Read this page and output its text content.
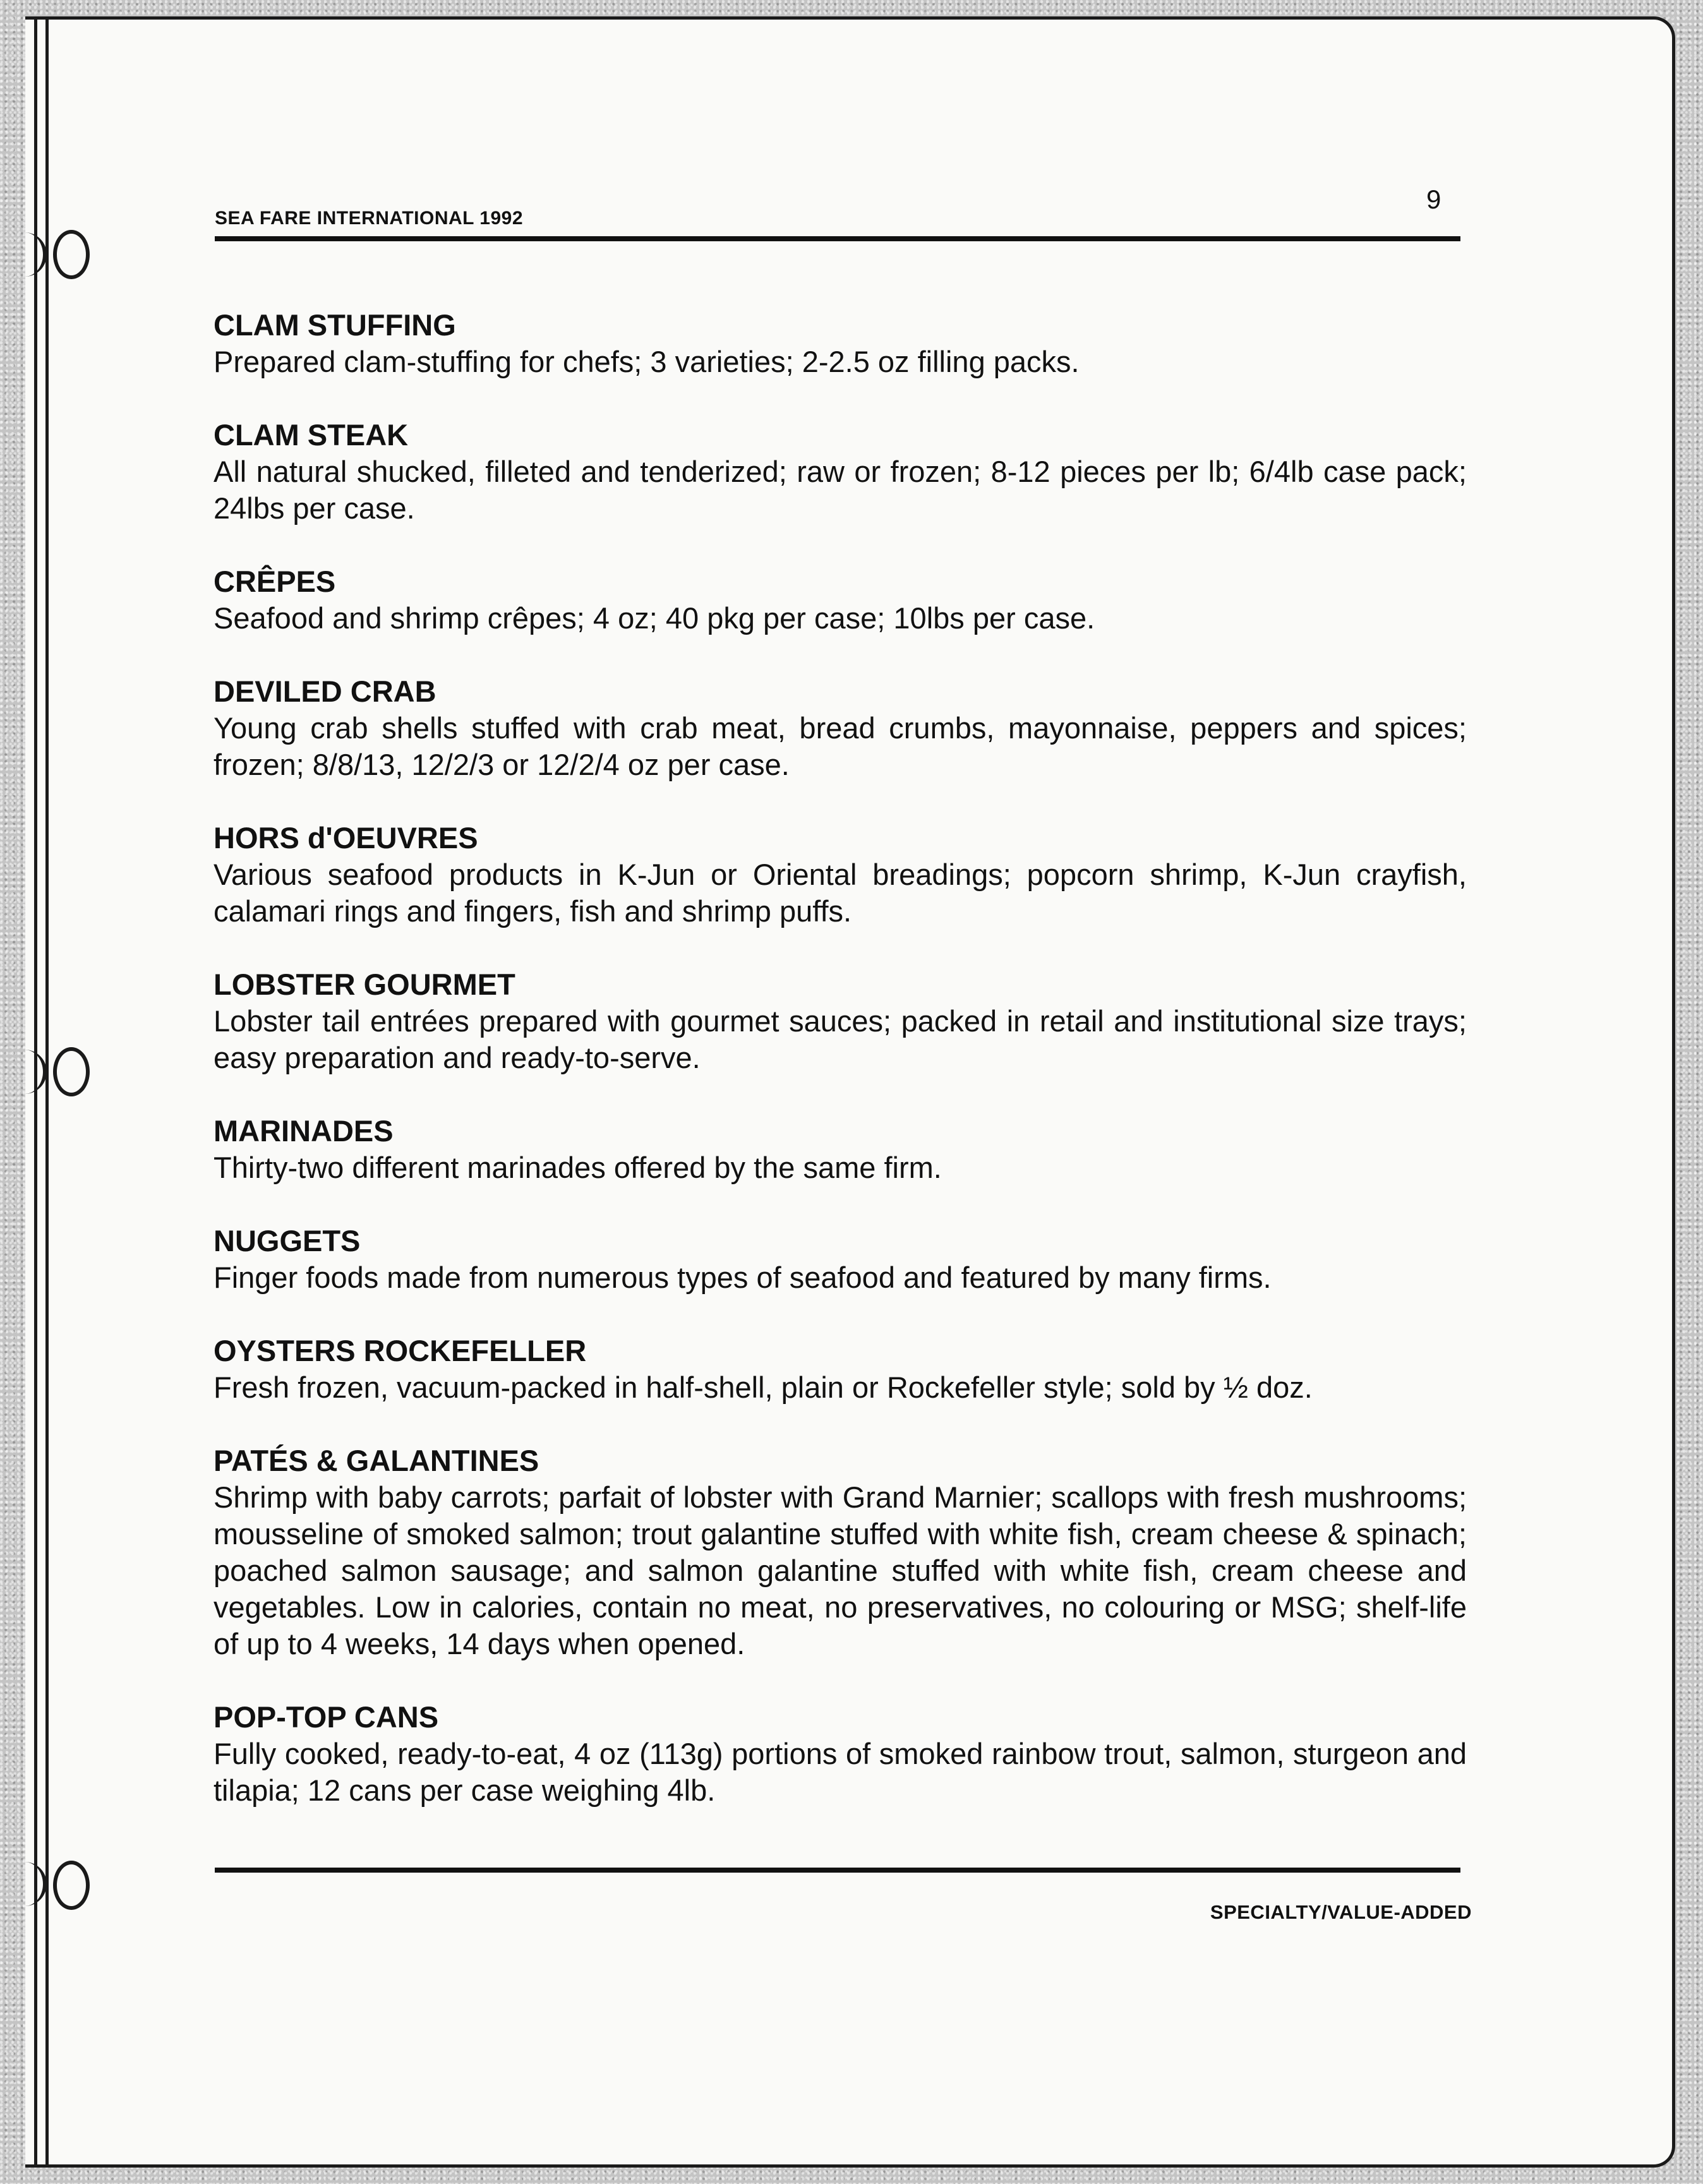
SEA FARE INTERNATIONAL 1992
9

CLAM STUFFING

Prepared clam-stuffing for chefs; 3 varieties; 2-2.5 oz filling packs.

CLAM STEAK

All natural shucked, filleted and tenderized; raw or frozen; 8-12 pieces per lb; 6/4lb case pack; 24lbs per case.

CRÊPES

Seafood and shrimp crêpes; 4 oz; 40 pkg per case; 10lbs per case.

DEVILED CRAB

Young crab shells stuffed with crab meat, bread crumbs, mayonnaise, peppers and spices; frozen; 8/8/13, 12/2/3 or 12/2/4 oz per case.

HORS d'OEUVRES

Various seafood products in K-Jun or Oriental breadings; popcorn shrimp, K-Jun crayfish, calamari rings and fingers, fish and shrimp puffs.

LOBSTER GOURMET

Lobster tail entrées prepared with gourmet sauces; packed in retail and institutional size trays; easy preparation and ready-to-serve.

MARINADES

Thirty-two different marinades offered by the same firm.

NUGGETS

Finger foods made from numerous types of seafood and featured by many firms.

OYSTERS ROCKEFELLER

Fresh frozen, vacuum-packed in half-shell, plain or Rockefeller style; sold by ½ doz.

PATÉS & GALANTINES

Shrimp with baby carrots; parfait of lobster with Grand Marnier; scallops with fresh mushrooms; mousseline of smoked salmon; trout galantine stuffed with white fish, cream cheese & spinach; poached salmon sausage; and salmon galantine stuffed with white fish, cream cheese and vegetables. Low in calories, contain no meat, no preservatives, no colouring or MSG; shelf-life of up to 4 weeks, 14 days when opened.

POP-TOP CANS

Fully cooked, ready-to-eat, 4 oz (113g) portions of smoked rainbow trout, salmon, sturgeon and tilapia; 12 cans per case weighing 4lb.

SPECIALTY/VALUE-ADDED
